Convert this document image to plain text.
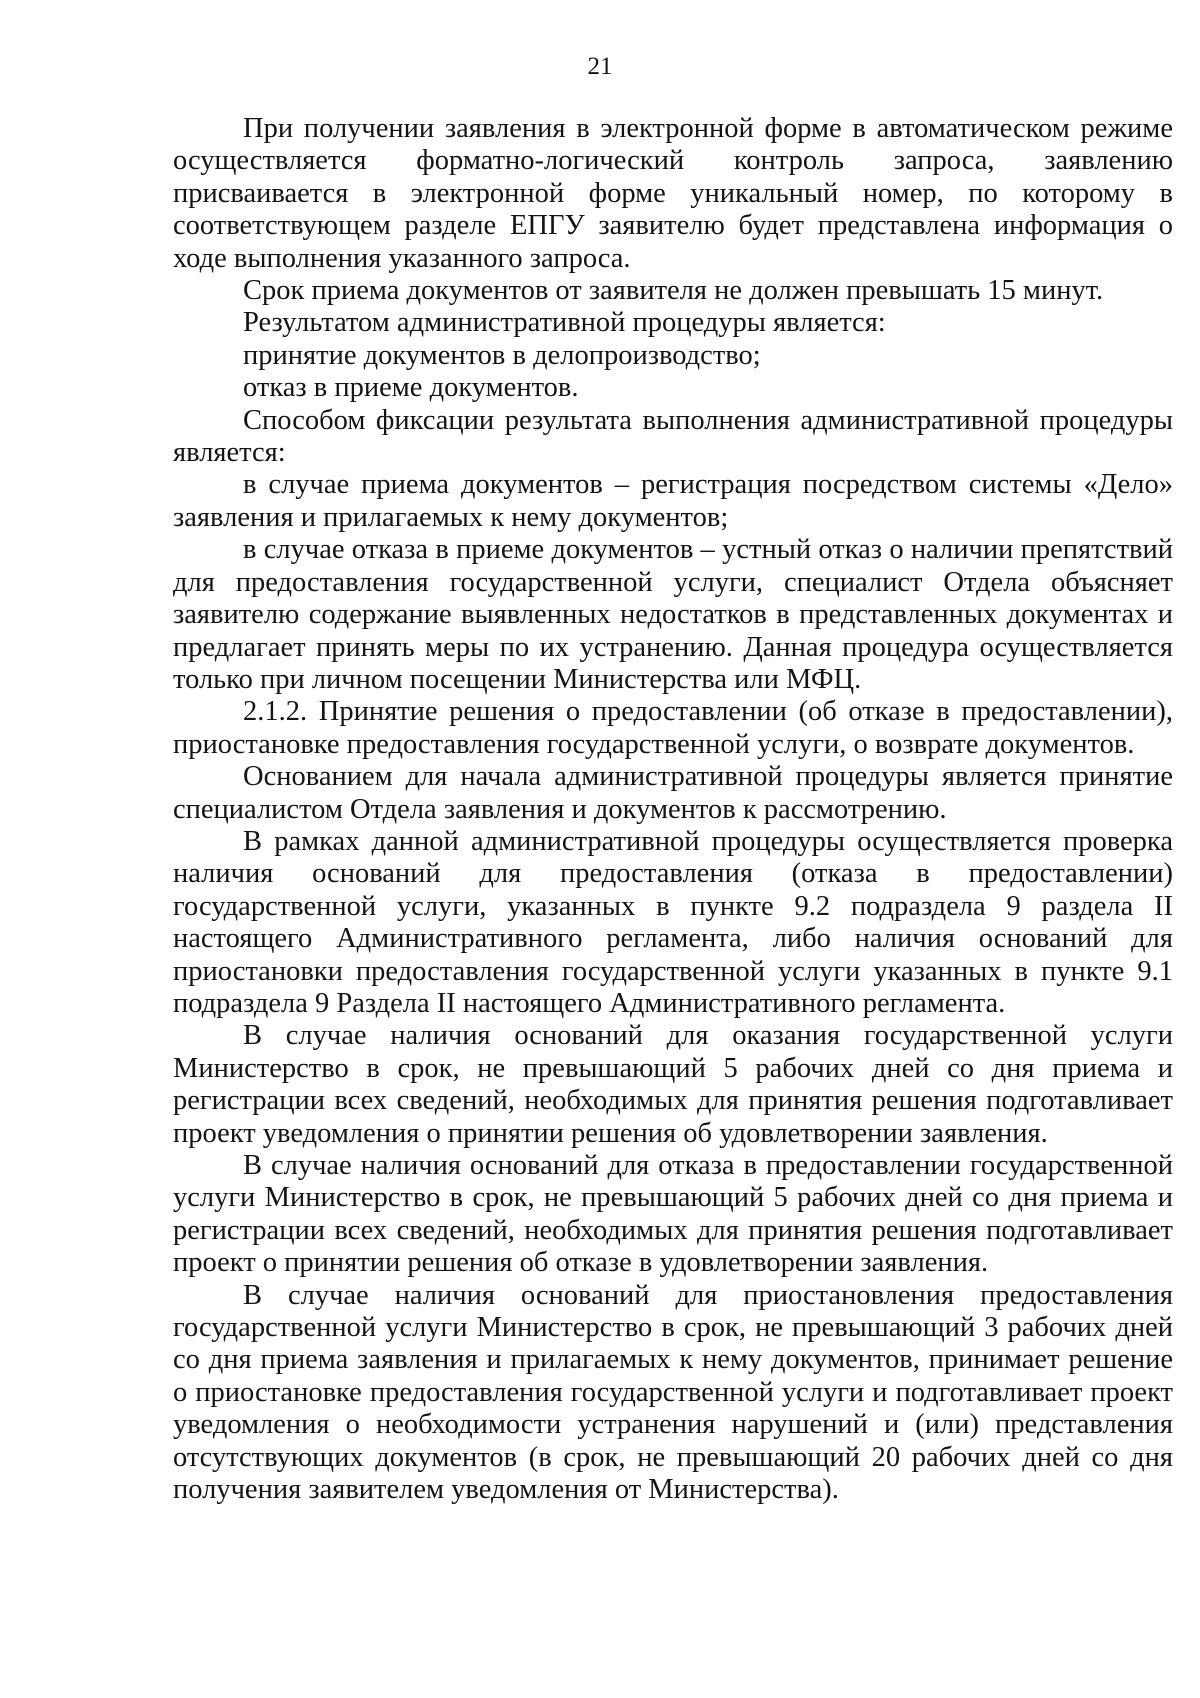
21

При получении заявления в электронной форме в автоматическом режиме осуществляется форматно-логический контроль запроса, заявлению присваивается в электронной форме уникальный номер, по которому в соответствующем разделе ЕПГУ заявителю будет представлена информация о ходе выполнения указанного запроса.

Срок приема документов от заявителя не должен превышать 15 минут.

Результатом административной процедуры является:

принятие документов в делопроизводство;

отказ в приеме документов.

Способом фиксации результата выполнения административной процедуры является:

в случае приема документов – регистрация посредством системы «Дело» заявления и прилагаемых к нему документов;

в случае отказа в приеме документов – устный отказ о наличии препятствий для предоставления государственной услуги, специалист Отдела объясняет заявителю содержание выявленных недостатков в представленных документах и предлагает принять меры по их устранению. Данная процедура осуществляется только при личном посещении Министерства или МФЦ.

2.1.2. Принятие решения о предоставлении (об отказе в предоставлении), приостановке предоставления государственной услуги, о возврате документов.

Основанием для начала административной процедуры является принятие специалистом Отдела заявления и документов к рассмотрению.

В рамках данной административной процедуры осуществляется проверка наличия оснований для предоставления (отказа в предоставлении) государственной услуги, указанных в пункте 9.2 подраздела 9 раздела II настоящего Административного регламента, либо наличия оснований для приостановки предоставления государственной услуги указанных в пункте 9.1 подраздела 9 Раздела II настоящего Административного регламента.

В случае наличия оснований для оказания государственной услуги Министерство в срок, не превышающий 5 рабочих дней со дня приема и регистрации всех сведений, необходимых для принятия решения подготавливает проект уведомления о принятии решения об удовлетворении заявления.

В случае наличия оснований для отказа в предоставлении государственной услуги Министерство в срок, не превышающий 5 рабочих дней со дня приема и регистрации всех сведений, необходимых для принятия решения подготавливает проект о принятии решения об отказе в удовлетворении заявления.

В случае наличия оснований для приостановления предоставления государственной услуги Министерство в срок, не превышающий 3 рабочих дней со дня приема заявления и прилагаемых к нему документов, принимает решение о приостановке предоставления государственной услуги и подготавливает проект уведомления о необходимости устранения нарушений и (или) представления отсутствующих документов (в срок, не превышающий 20 рабочих дней со дня получения заявителем уведомления от Министерства).
